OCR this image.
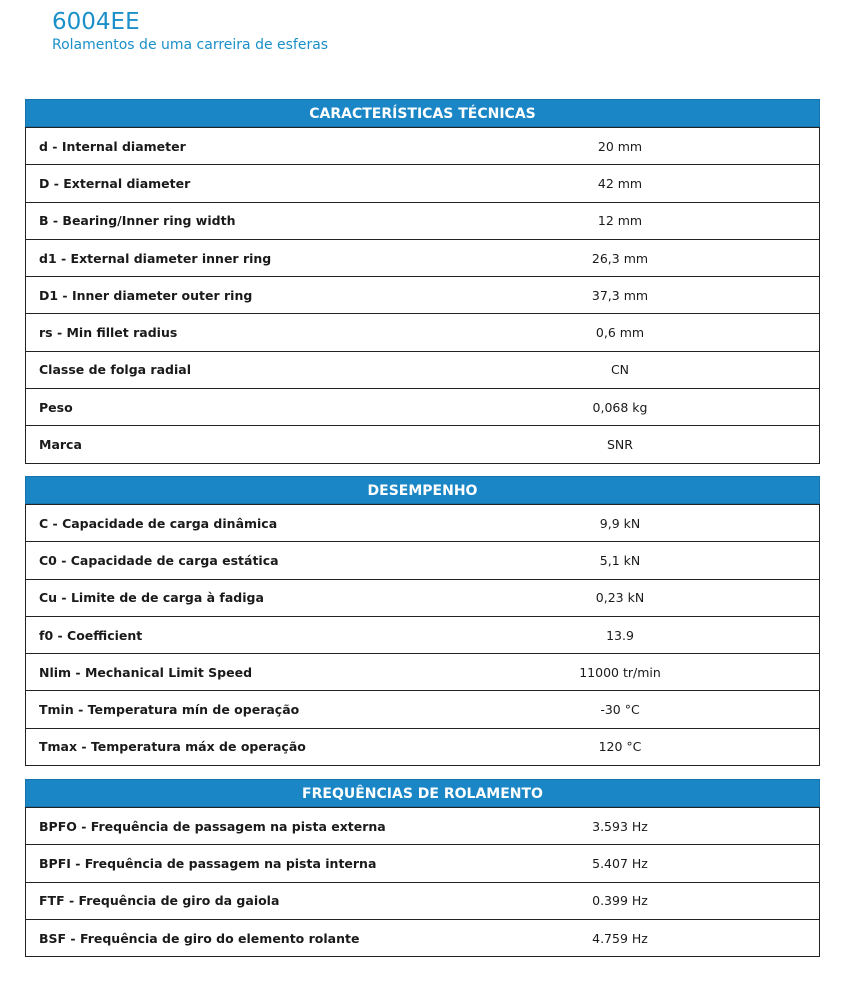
6004EE
Rolamentos de uma carreira de esferas
CARACTERÍSTICAS TÉCNICAS
d - Internal diameter	20 mm
D - External diameter	42 mm
B - Bearing/Inner ring width	12 mm
d1 - External diameter inner ring	26,3 mm
D1 - Inner diameter outer ring	37,3 mm
rs - Min fillet radius	0,6 mm
Classe de folga radial	CN
Peso	0,068 kg
Marca	SNR
DESEMPENHO
C - Capacidade de carga dinâmica	9,9 kN
C0 - Capacidade de carga estática	5,1 kN
Cu - Limite de de carga à fadiga	0,23 kN
f0 - Coefficient	13.9
Nlim - Mechanical Limit Speed	11000 tr/min
Tmin - Temperatura mín de operação	-30 °C
Tmax - Temperatura máx de operação	120 °C
FREQUÊNCIAS DE ROLAMENTO
BPFO - Frequência de passagem na pista externa	3.593 Hz
BPFI - Frequência de passagem na pista interna	5.407 Hz
FTF - Frequência de giro da gaiola	0.399 Hz
BSF - Frequência de giro do elemento rolante	4.759 Hz
